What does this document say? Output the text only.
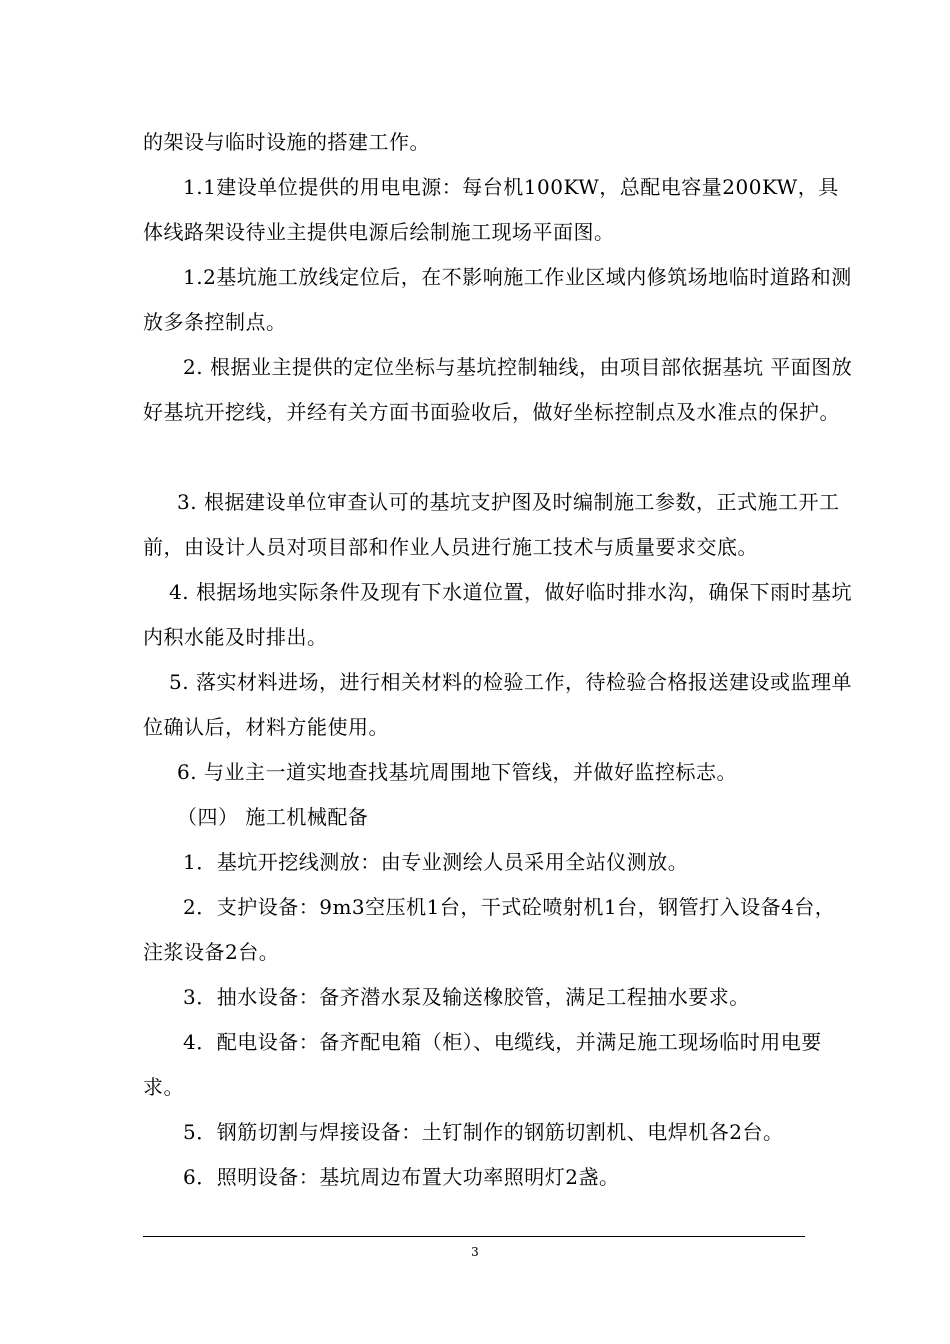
的架设与临时设施的搭建工作。

1.1建设单位提供的用电电源：每台机100KW，总配电容量200KW，具体线路架设待业主提供电源后绘制施工现场平面图。

1.2基坑施工放线定位后，在不影响施工作业区域内修筑场地临时道路和测放多条控制点。

2. 根据业主提供的定位坐标与基坑控制轴线，由项目部依据基坑 平面图放好基坑开挖线，并经有关方面书面验收后，做好坐标控制点及水准点的保护。

3. 根据建设单位审查认可的基坑支护图及时编制施工参数，正式施工开工前，由设计人员对项目部和作业人员进行施工技术与质量要求交底。

4. 根据场地实际条件及现有下水道位置，做好临时排水沟，确保下雨时基坑内积水能及时排出。

5. 落实材料进场，进行相关材料的检验工作，待检验合格报送建设或监理单位确认后，材料方能使用。

6. 与业主一道实地查找基坑周围地下管线，并做好监控标志。

（四） 施工机械配备

1．基坑开挖线测放：由专业测绘人员采用全站仪测放。

2．支护设备：9m3空压机1台，干式砼喷射机1台，钢管打入设备4台，注浆设备2台。

3．抽水设备：备齐潜水泵及输送橡胶管，满足工程抽水要求。

4．配电设备：备齐配电箱（柜）、电缆线，并满足施工现场临时用电要求。

5．钢筋切割与焊接设备：土钉制作的钢筋切割机、电焊机各2台。

6．照明设备：基坑周边布置大功率照明灯2盏。

3
